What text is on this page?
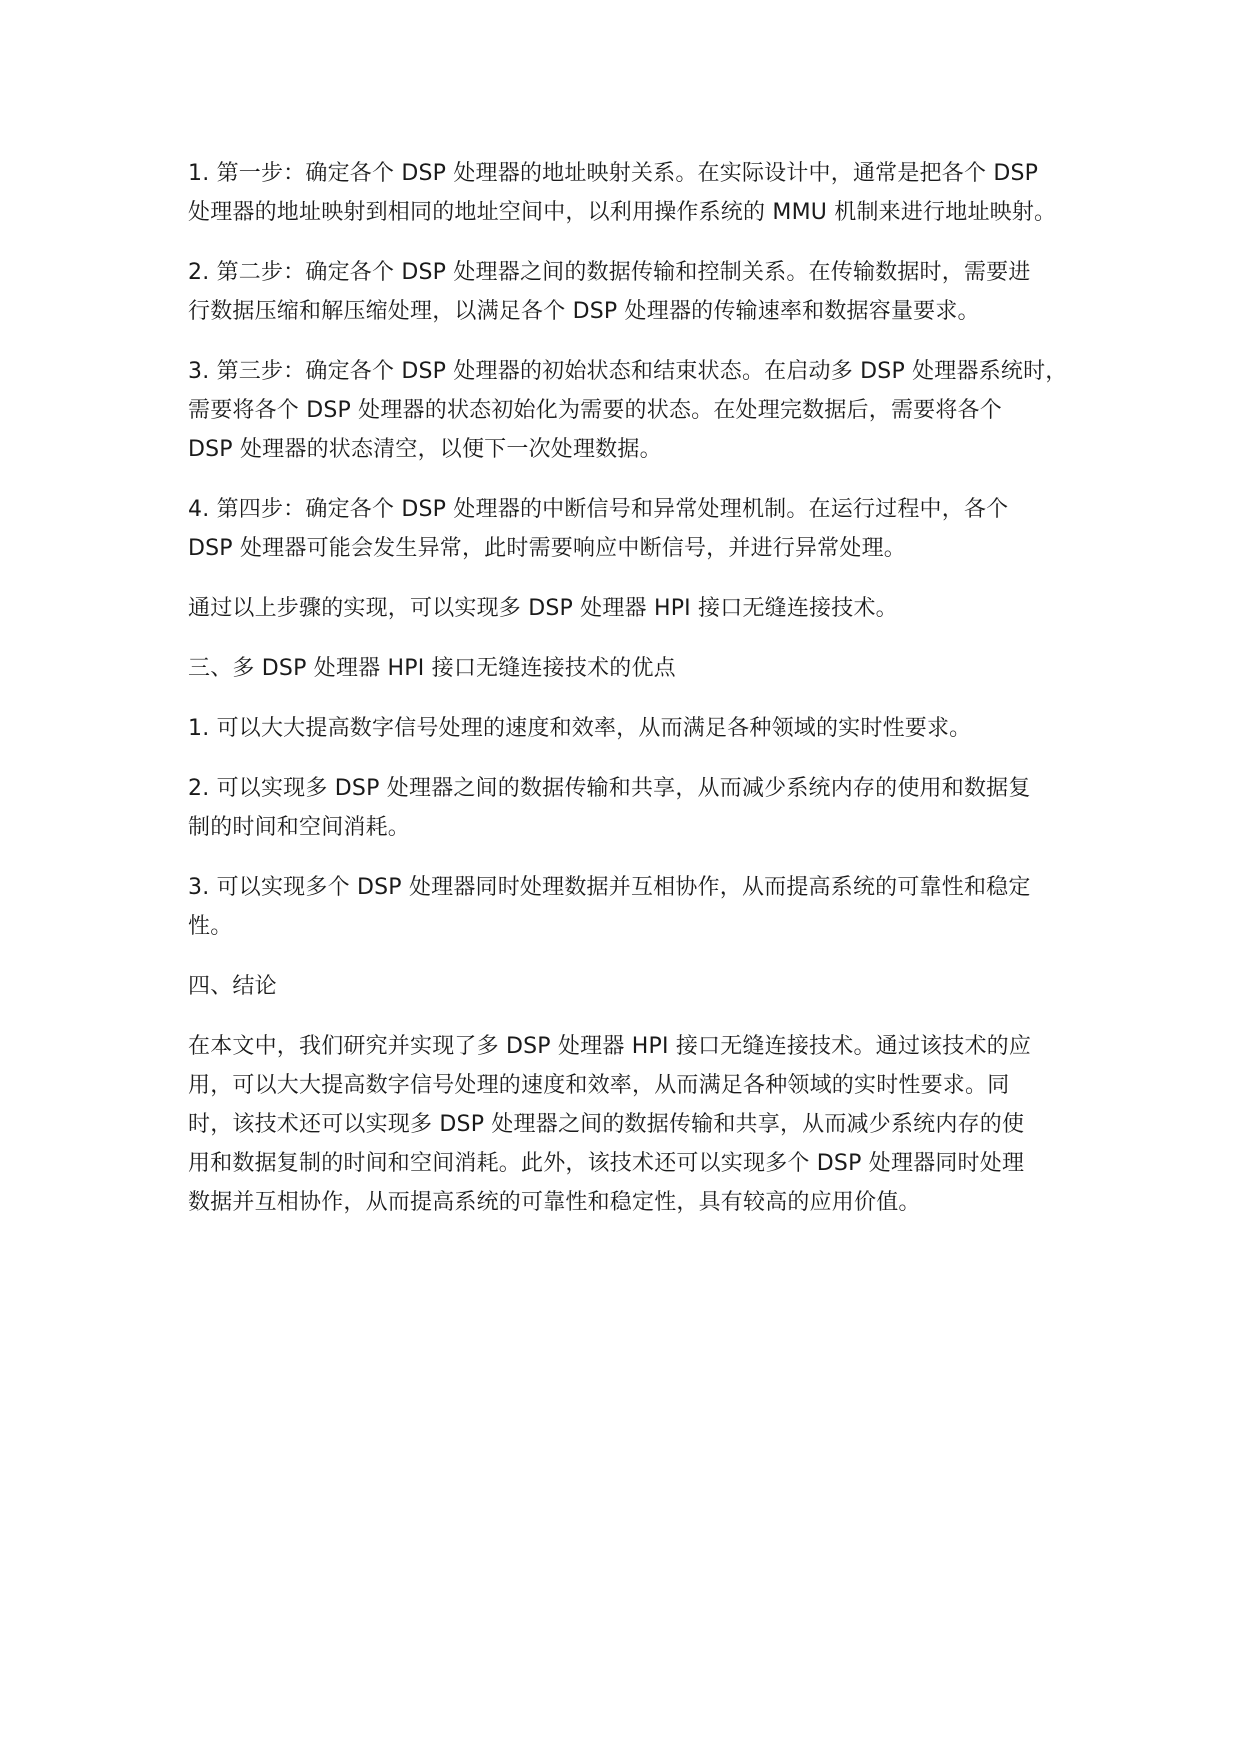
1. 第一步：确定各个 DSP 处理器的地址映射关系。在实际设计中，通常是把各个 DSP
处理器的地址映射到相同的地址空间中，以利用操作系统的 MMU 机制来进行地址映射。

2. 第二步：确定各个 DSP 处理器之间的数据传输和控制关系。在传输数据时，需要进
行数据压缩和解压缩处理，以满足各个 DSP 处理器的传输速率和数据容量要求。

3. 第三步：确定各个 DSP 处理器的初始状态和结束状态。在启动多 DSP 处理器系统时，
需要将各个 DSP 处理器的状态初始化为需要的状态。在处理完数据后，需要将各个
DSP 处理器的状态清空，以便下一次处理数据。

4. 第四步：确定各个 DSP 处理器的中断信号和异常处理机制。在运行过程中，各个
DSP 处理器可能会发生异常，此时需要响应中断信号，并进行异常处理。

通过以上步骤的实现，可以实现多 DSP 处理器 HPI 接口无缝连接技术。

三、多 DSP 处理器 HPI 接口无缝连接技术的优点

1. 可以大大提高数字信号处理的速度和效率，从而满足各种领域的实时性要求。

2. 可以实现多 DSP 处理器之间的数据传输和共享，从而减少系统内存的使用和数据复
制的时间和空间消耗。

3. 可以实现多个 DSP 处理器同时处理数据并互相协作，从而提高系统的可靠性和稳定
性。

四、结论

在本文中，我们研究并实现了多 DSP 处理器 HPI 接口无缝连接技术。通过该技术的应
用，可以大大提高数字信号处理的速度和效率，从而满足各种领域的实时性要求。同
时，该技术还可以实现多 DSP 处理器之间的数据传输和共享，从而减少系统内存的使
用和数据复制的时间和空间消耗。此外，该技术还可以实现多个 DSP 处理器同时处理
数据并互相协作，从而提高系统的可靠性和稳定性，具有较高的应用价值。
